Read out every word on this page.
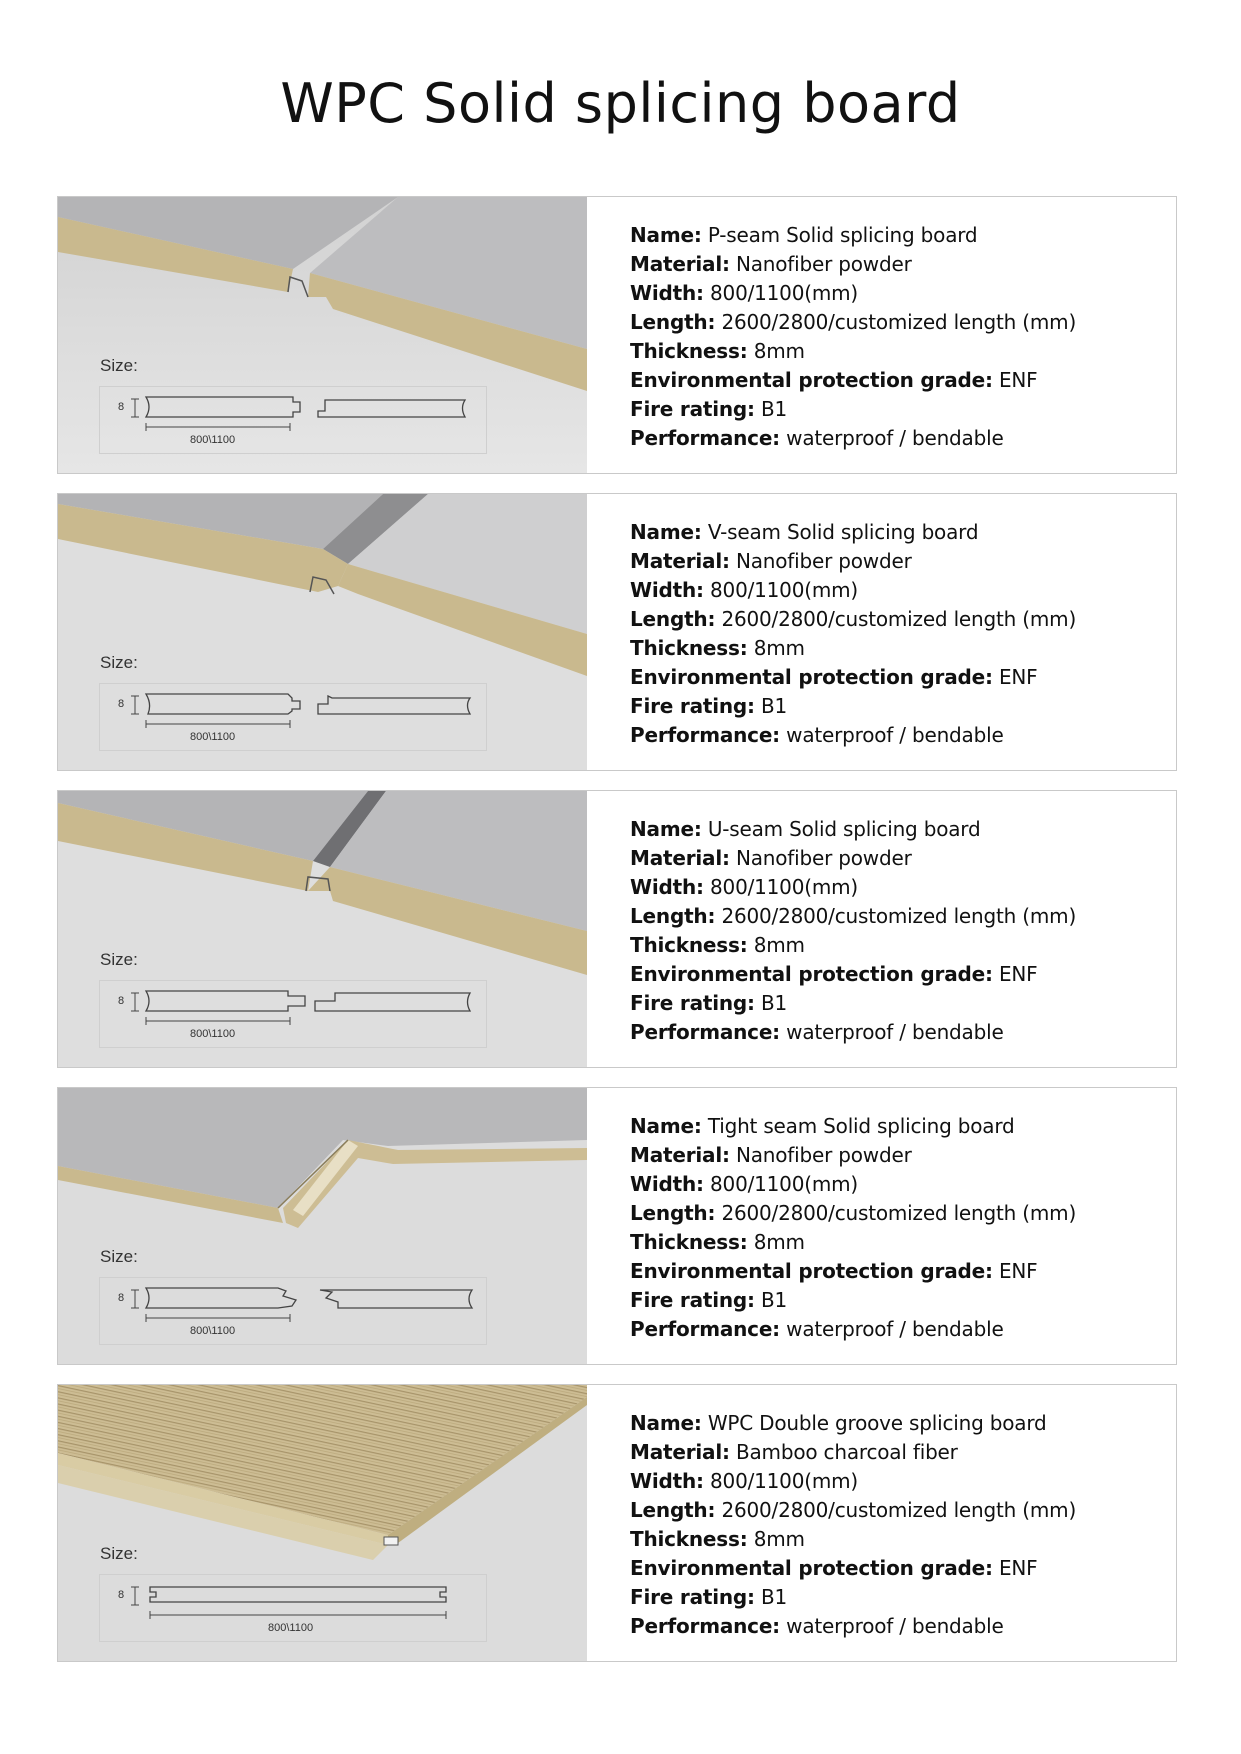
WPC Solid splicing board
Size:
8
800\1100
Name: P-seam Solid splicing board
Material: Nanofiber powder
Width: 800/1100(mm)
Length: 2600/2800/customized length (mm)
Thickness: 8mm
Environmental protection grade: ENF
Fire rating: B1
Performance: waterproof / bendable
Size:
8
800\1100
Name: V-seam Solid splicing board
Material: Nanofiber powder
Width: 800/1100(mm)
Length: 2600/2800/customized length (mm)
Thickness: 8mm
Environmental protection grade: ENF
Fire rating: B1
Performance: waterproof / bendable
Size:
8
800\1100
Name: U-seam Solid splicing board
Material: Nanofiber powder
Width: 800/1100(mm)
Length: 2600/2800/customized length (mm)
Thickness: 8mm
Environmental protection grade: ENF
Fire rating: B1
Performance: waterproof / bendable
Size:
8
800\1100
Name: Tight seam Solid splicing board
Material: Nanofiber powder
Width: 800/1100(mm)
Length: 2600/2800/customized length (mm)
Thickness: 8mm
Environmental protection grade: ENF
Fire rating: B1
Performance: waterproof / bendable
Size:
8
800\1100
Name: WPC Double groove splicing board
Material: Bamboo charcoal fiber
Width: 800/1100(mm)
Length: 2600/2800/customized length (mm)
Thickness: 8mm
Environmental protection grade: ENF
Fire rating: B1
Performance: waterproof / bendable
